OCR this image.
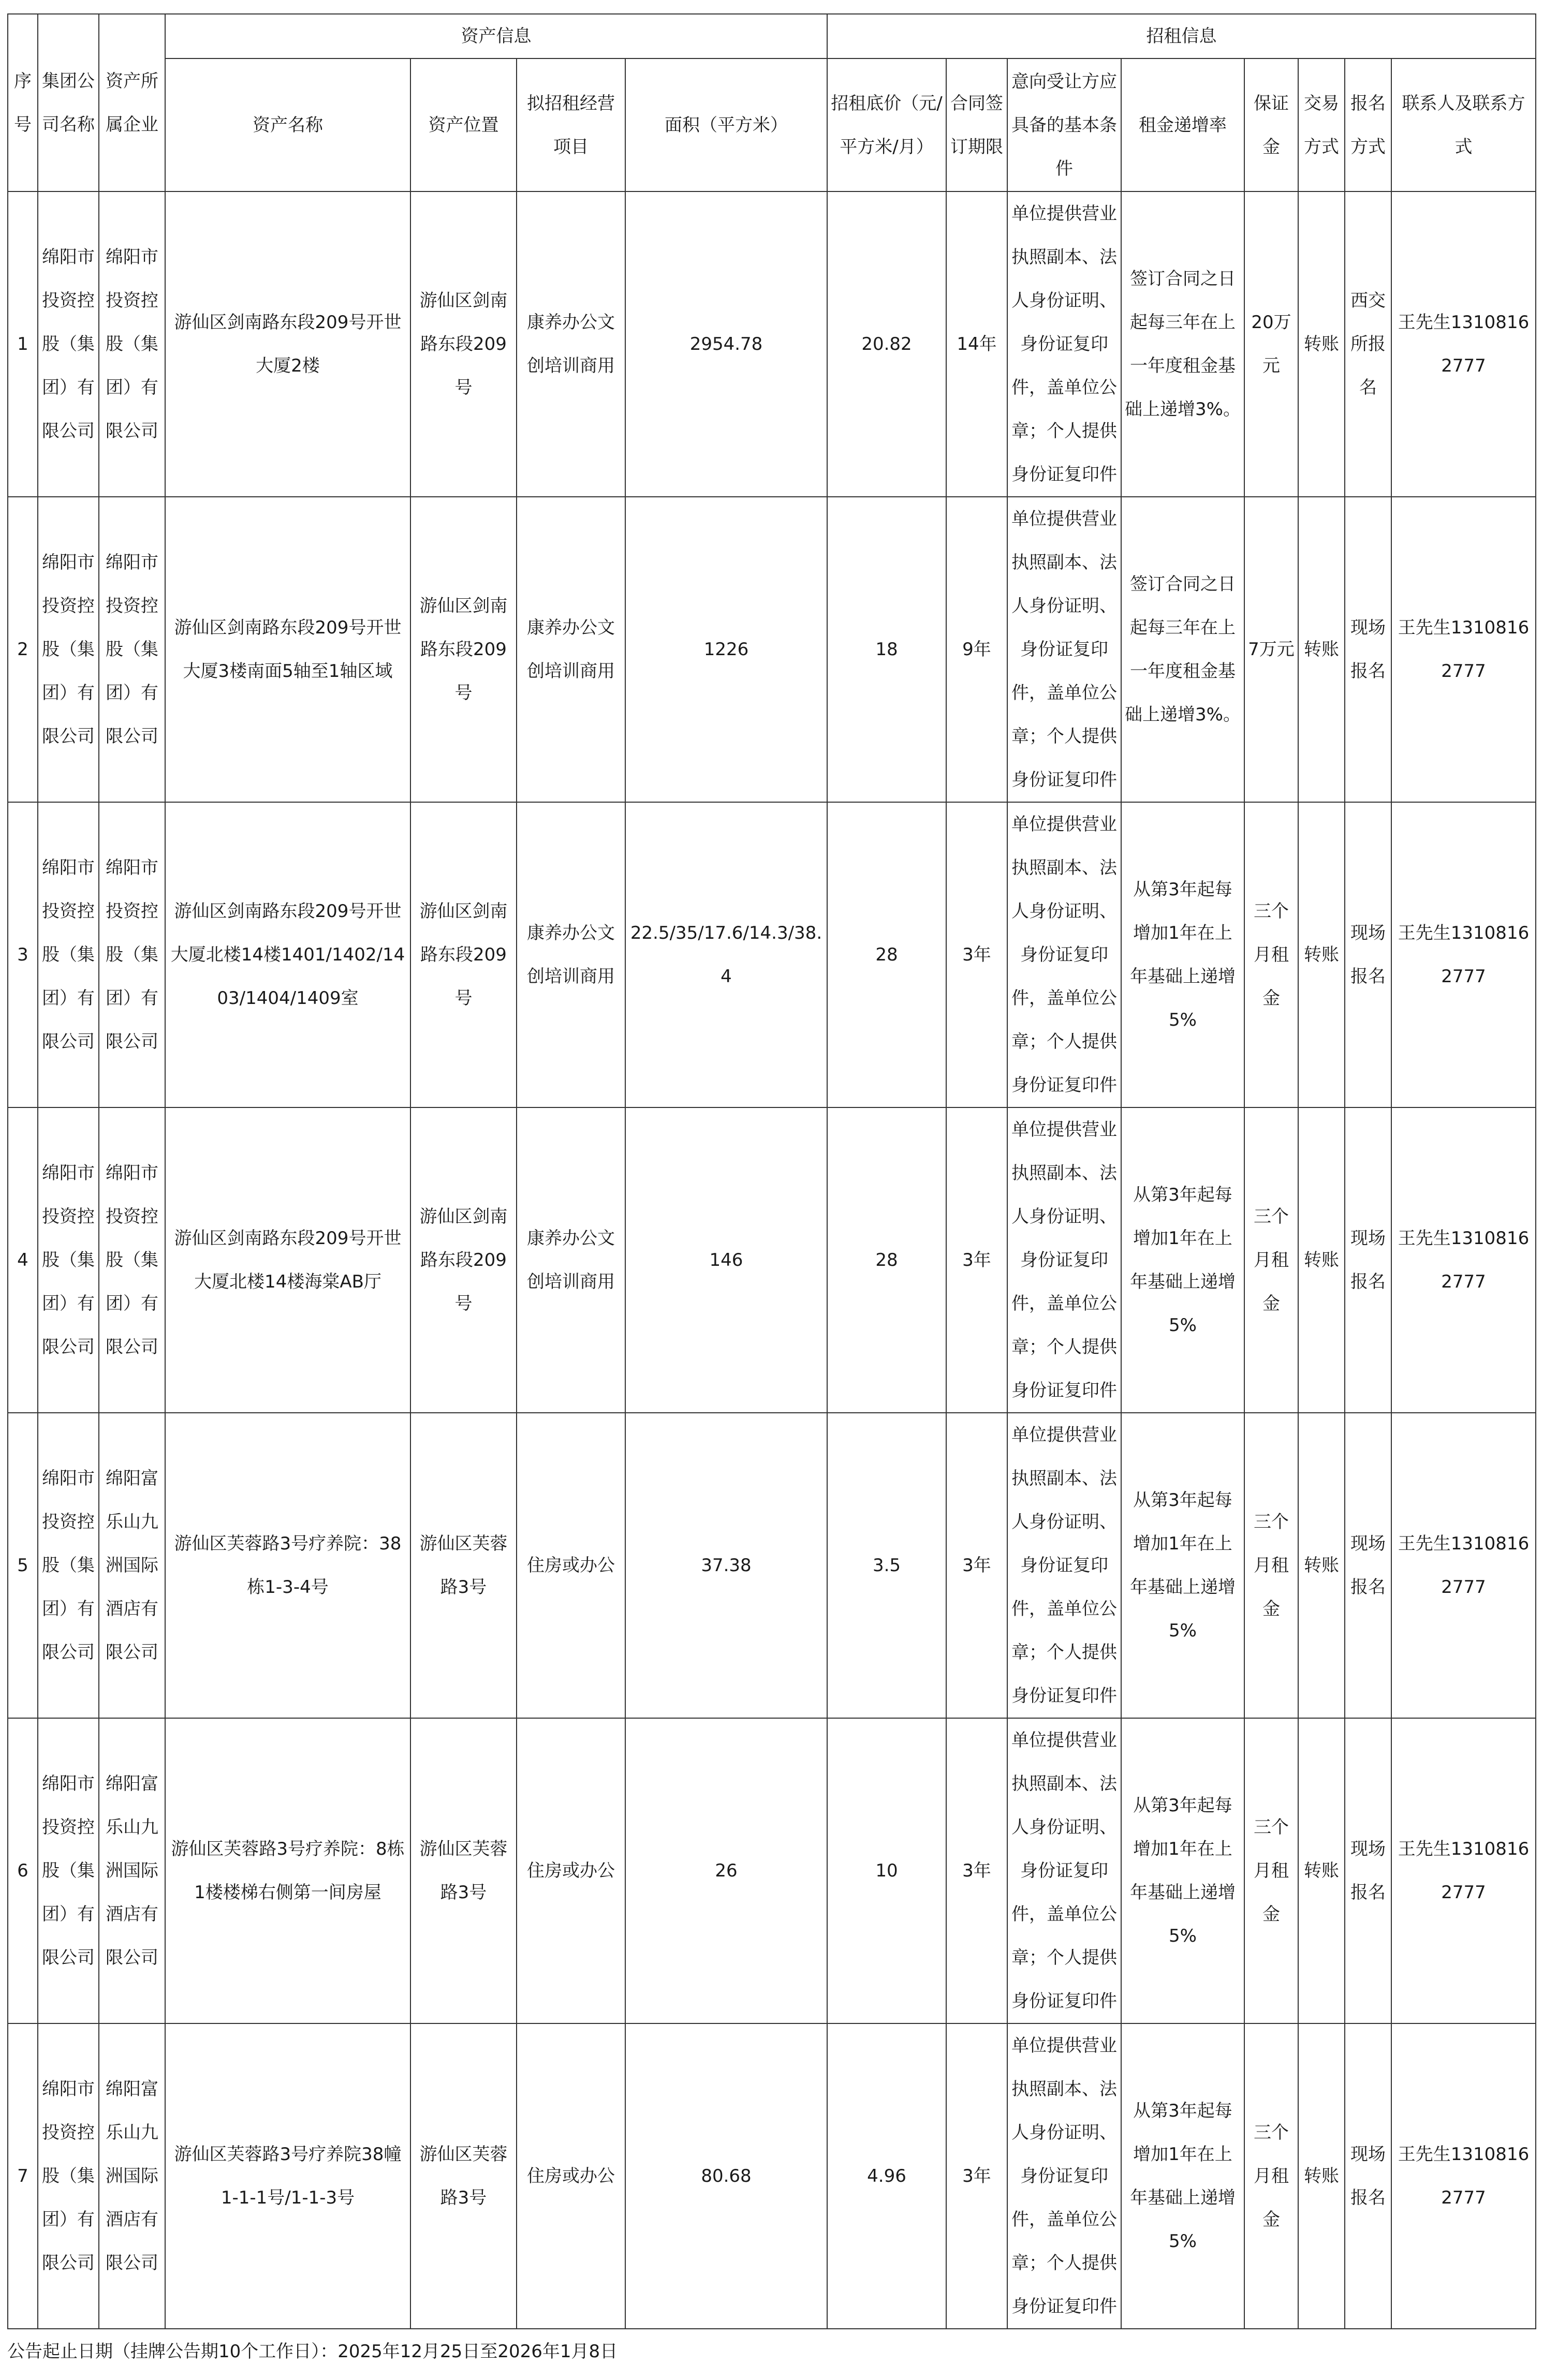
序号	集团公司名称	资产所属企业	资产信息				招租信息							
			资产名称	资产位置	拟招租经营项目	面积（平方米）	招租底价（元/平方米/月）	合同签订期限	意向受让方应具备的基本条件	租金递增率	保证金	交易方式	报名方式	联系人及联系方式
1	绵阳市投资控股（集团）有限公司	绵阳市投资控股（集团）有限公司	游仙区剑南路东段209号开世大厦2楼	游仙区剑南路东段209号	康养办公文创培训商用	2954.78	20.82	14年	单位提供营业执照副本、法人身份证明、身份证复印件，盖单位公章；个人提供身份证复印件	签订合同之日起每三年在上一年度租金基础上递增3%。	20万元	转账	西交所报名	王先生13108162777
2	绵阳市投资控股（集团）有限公司	绵阳市投资控股（集团）有限公司	游仙区剑南路东段209号开世大厦3楼南面5轴至1轴区域	游仙区剑南路东段209号	康养办公文创培训商用	1226	18	9年	单位提供营业执照副本、法人身份证明、身份证复印件，盖单位公章；个人提供身份证复印件	签订合同之日起每三年在上一年度租金基础上递增3%。	7万元	转账	现场报名	王先生13108162777
3	绵阳市投资控股（集团）有限公司	绵阳市投资控股（集团）有限公司	游仙区剑南路东段209号开世大厦北楼14楼1401/1402/1403/1404/1409室	游仙区剑南路东段209号	康养办公文创培训商用	22.5/35/17.6/14.3/38.4	28	3年	单位提供营业执照副本、法人身份证明、身份证复印件，盖单位公章；个人提供身份证复印件	从第3年起每增加1年在上年基础上递增5%	三个月租金	转账	现场报名	王先生13108162777
4	绵阳市投资控股（集团）有限公司	绵阳市投资控股（集团）有限公司	游仙区剑南路东段209号开世大厦北楼14楼海棠AB厅	游仙区剑南路东段209号	康养办公文创培训商用	146	28	3年	单位提供营业执照副本、法人身份证明、身份证复印件，盖单位公章；个人提供身份证复印件	从第3年起每增加1年在上年基础上递增5%	三个月租金	转账	现场报名	王先生13108162777
5	绵阳市投资控股（集团）有限公司	绵阳富乐山九洲国际酒店有限公司	游仙区芙蓉路3号疗养院：38栋1-3-4号	游仙区芙蓉路3号	住房或办公	37.38	3.5	3年	单位提供营业执照副本、法人身份证明、身份证复印件，盖单位公章；个人提供身份证复印件	从第3年起每增加1年在上年基础上递增5%	三个月租金	转账	现场报名	王先生13108162777
6	绵阳市投资控股（集团）有限公司	绵阳富乐山九洲国际酒店有限公司	游仙区芙蓉路3号疗养院：8栋1楼楼梯右侧第一间房屋	游仙区芙蓉路3号	住房或办公	26	10	3年	单位提供营业执照副本、法人身份证明、身份证复印件，盖单位公章；个人提供身份证复印件	从第3年起每增加1年在上年基础上递增5%	三个月租金	转账	现场报名	王先生13108162777
7	绵阳市投资控股（集团）有限公司	绵阳富乐山九洲国际酒店有限公司	游仙区芙蓉路3号疗养院38幢1-1-1号/1-1-3号	游仙区芙蓉路3号	住房或办公	80.68	4.96	3年	单位提供营业执照副本、法人身份证明、身份证复印件，盖单位公章；个人提供身份证复印件	从第3年起每增加1年在上年基础上递增5%	三个月租金	转账	现场报名	王先生13108162777
公告起止日期（挂牌公告期10个工作日）：2025年12月25日至2026年1月8日
